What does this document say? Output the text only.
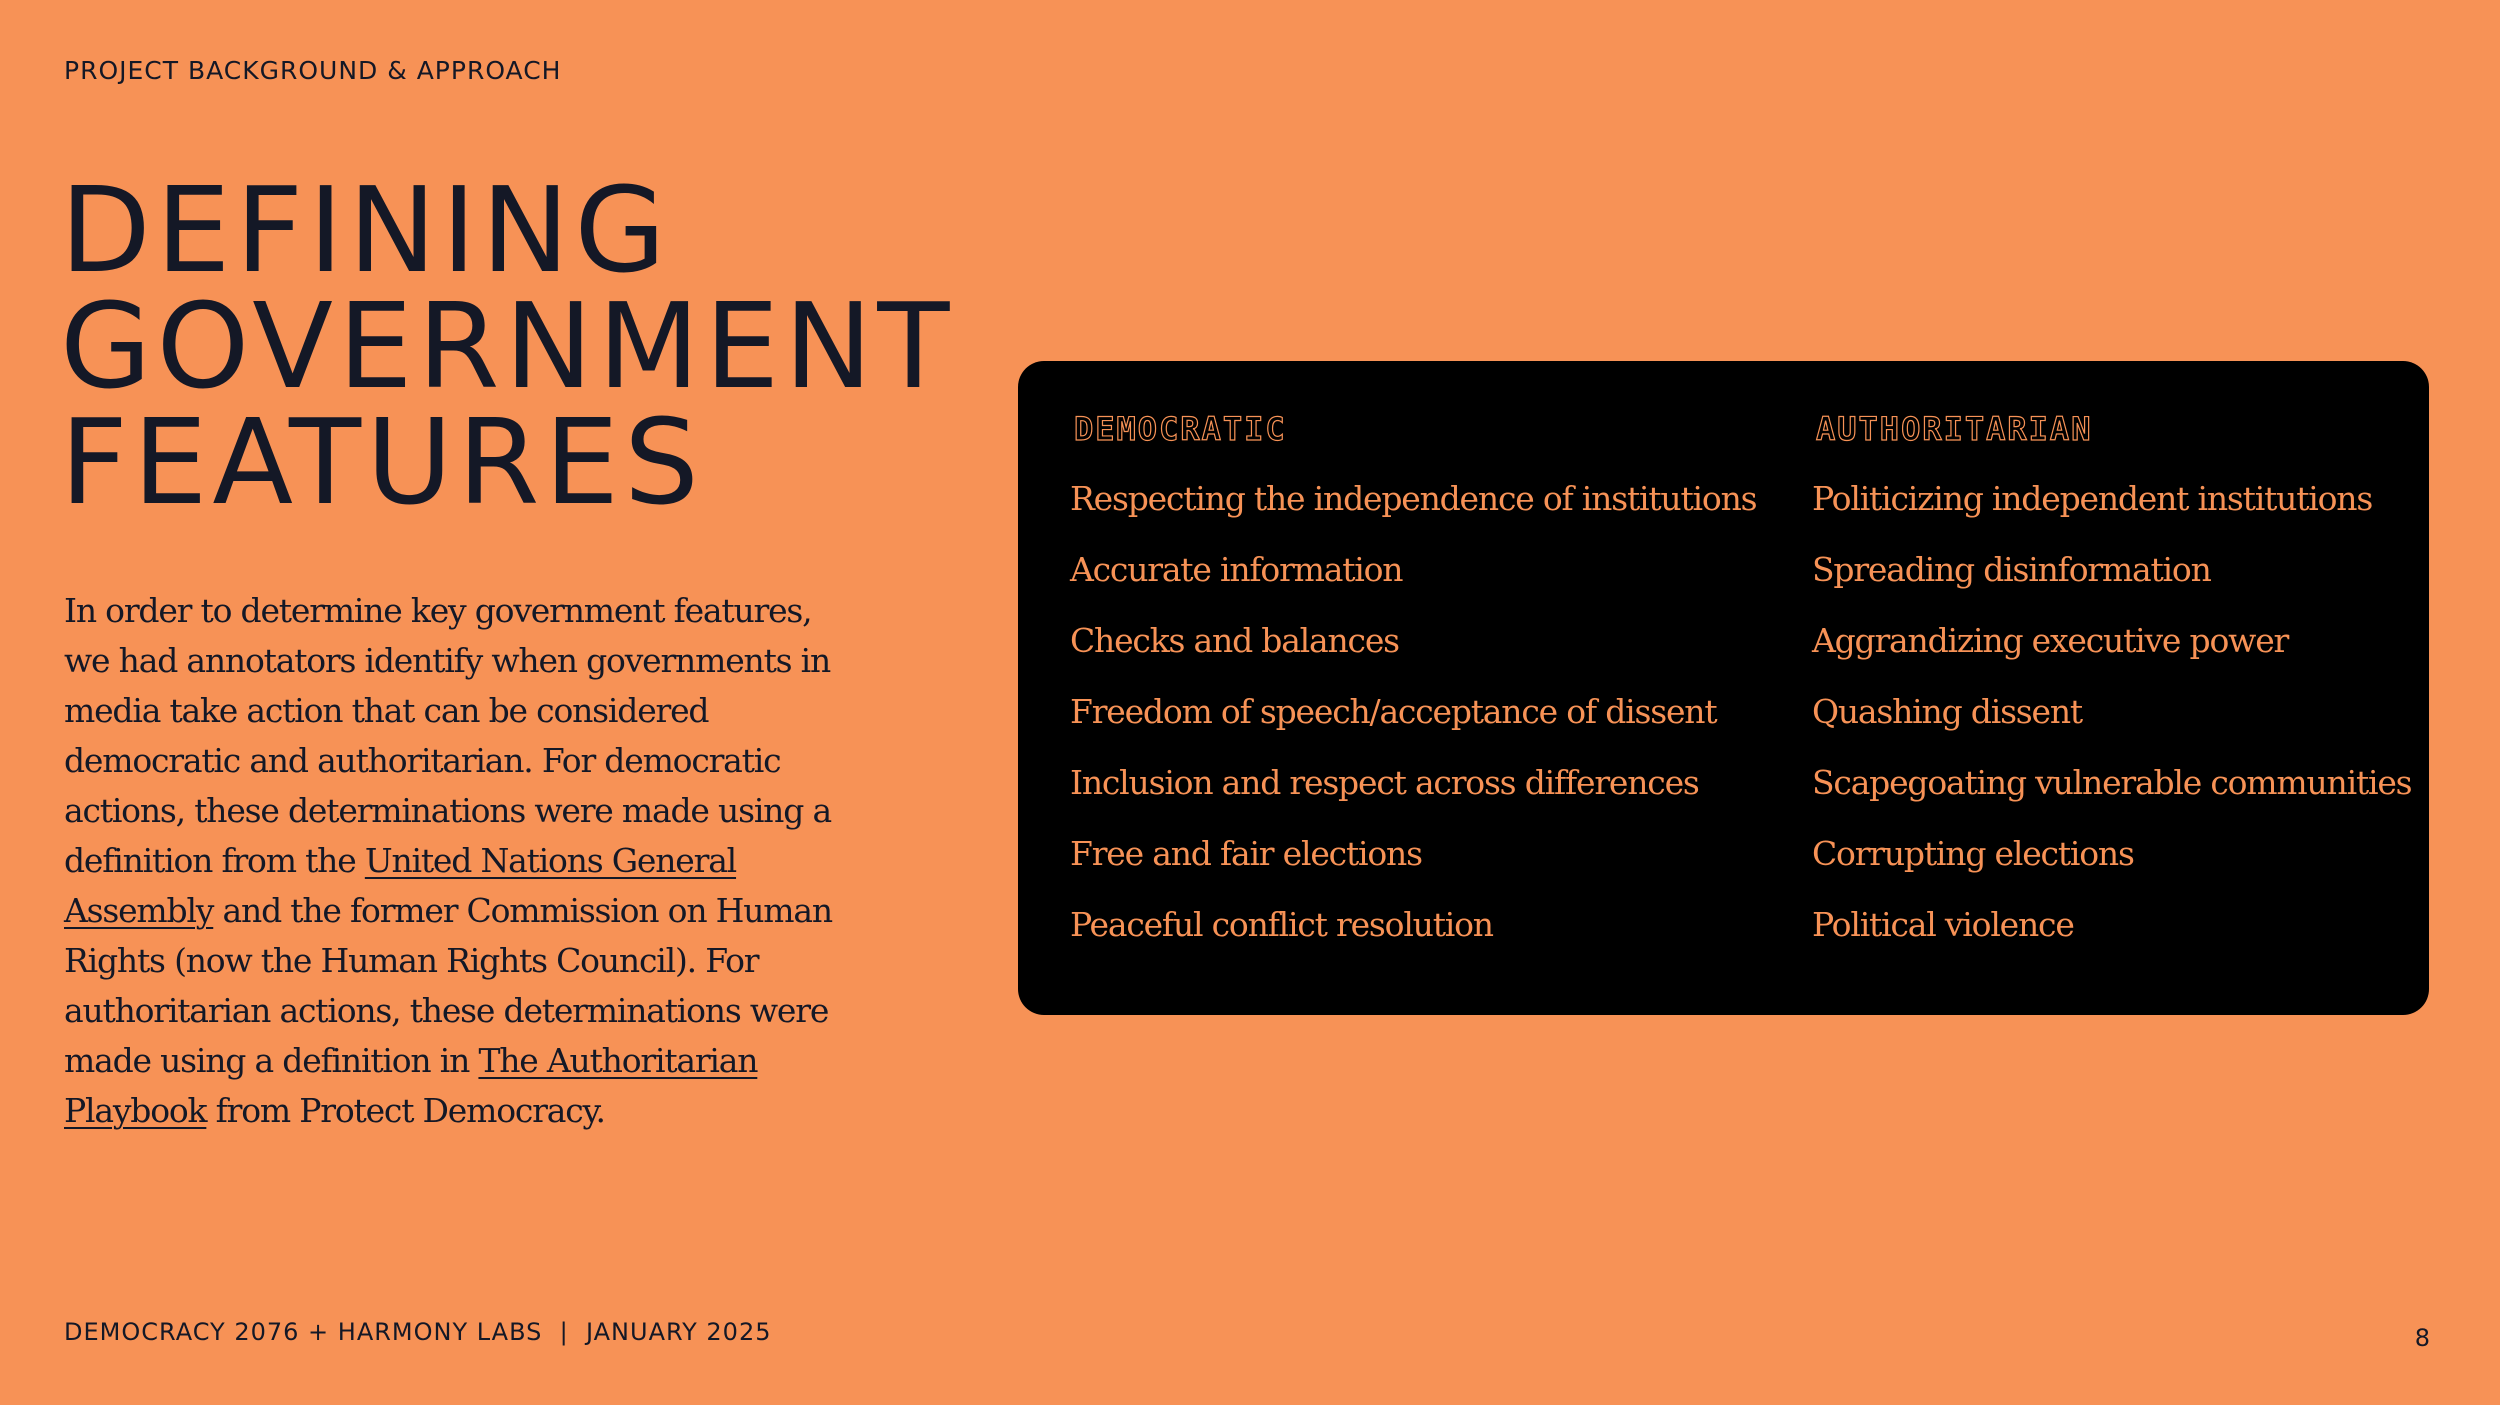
PROJECT BACKGROUND & APPROACH

DEFINING
GOVERNMENT
FEATURES

In order to determine key government features, we had annotators identify when governments in media take action that can be considered democratic and authoritarian. For democratic actions, these determinations were made using a definition from the United Nations General Assembly and the former Commission on Human Rights (now the Human Rights Council). For authoritarian actions, these determinations were made using a definition in The Authoritarian Playbook from Protect Democracy.

DEMOCRATIC
Respecting the independence of institutions
Accurate information
Checks and balances
Freedom of speech/acceptance of dissent
Inclusion and respect across differences
Free and fair elections
Peaceful conflict resolution
AUTHORITARIAN
Politicizing independent institutions
Spreading disinformation
Aggrandizing executive power
Quashing dissent
Scapegoating vulnerable communities
Corrupting elections
Political violence

DEMOCRACY 2076 + HARMONY LABS  |  JANUARY 2025	8
